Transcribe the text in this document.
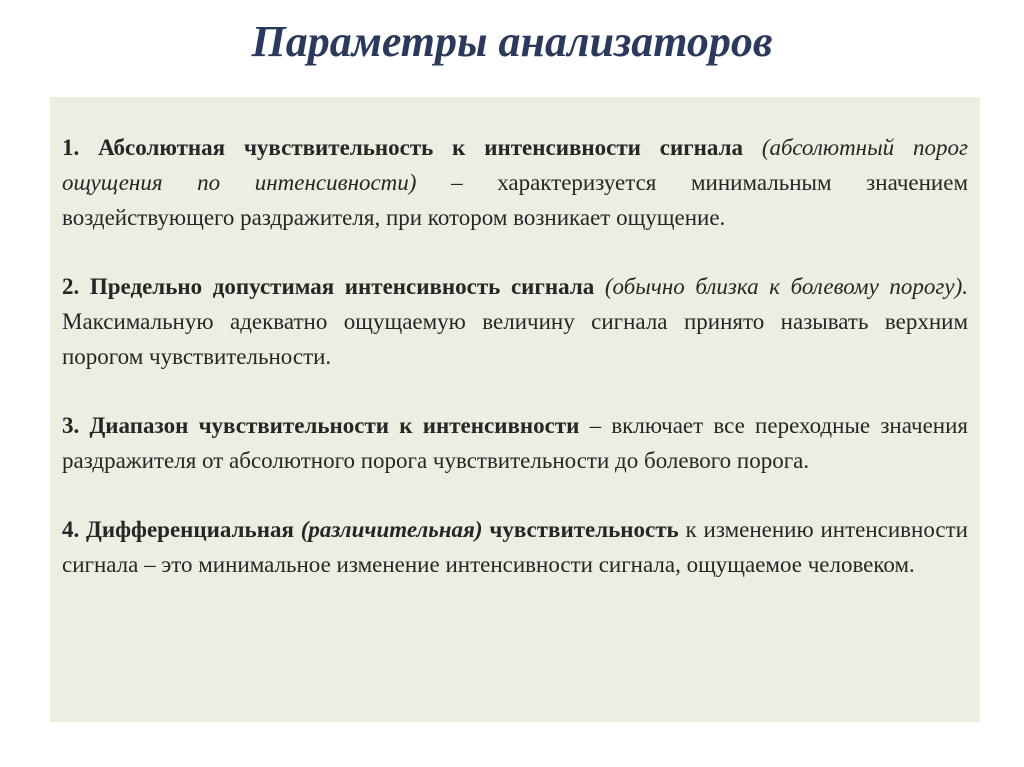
Параметры анализаторов

1. Абсолютная чувствительность к интенсивности сигнала (абсолютный порог ощущения по интенсивности) – характеризуется минимальным значением воздействующего раздражителя, при котором возникает ощущение.

2. Предельно допустимая интенсивность сигнала (обычно близка к болевому порогу). Максимальную адекватно ощущаемую величину сигнала принято называть верхним порогом чувствительности.

3. Диапазон чувствительности к интенсивности – включает все переходные значения раздражителя от абсолютного порога чувствительности до болевого порога.

4. Дифференциальная (различительная) чувствительность к изменению интенсивности сигнала – это минимальное изменение интенсивности сигнала, ощущаемое человеком.
